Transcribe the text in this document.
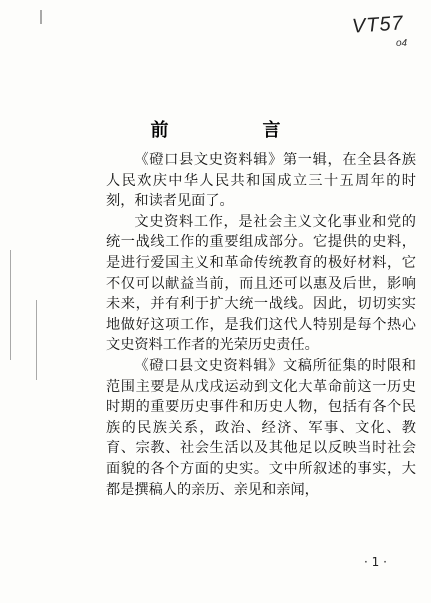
VT57
o4
前　言

《磴口县文史资料辑》第一辑，在全县各族人民欢庆中华人民共和国成立三十五周年的时刻，和读者见面了。

文史资料工作，是社会主义文化事业和党的统一战线工作的重要组成部分。它提供的史料，是进行爱国主义和革命传统教育的极好材料，它不仅可以献益当前，而且还可以惠及后世，影响未来，并有利于扩大统一战线。因此，切切实实地做好这项工作，是我们这代人特别是每个热心文史资料工作者的光荣历史责任。

《磴口县文史资料辑》文稿所征集的时限和范围主要是从戊戌运动到文化大革命前这一历史时期的重要历史事件和历史人物，包括有各个民族的民族关系，政治、经济、军事、文化、教育、宗教、社会生活以及其他足以反映当时社会面貌的各个方面的史实。文中所叙述的事实，大都是撰稿人的亲历、亲见和亲闻，

· 1 ·
